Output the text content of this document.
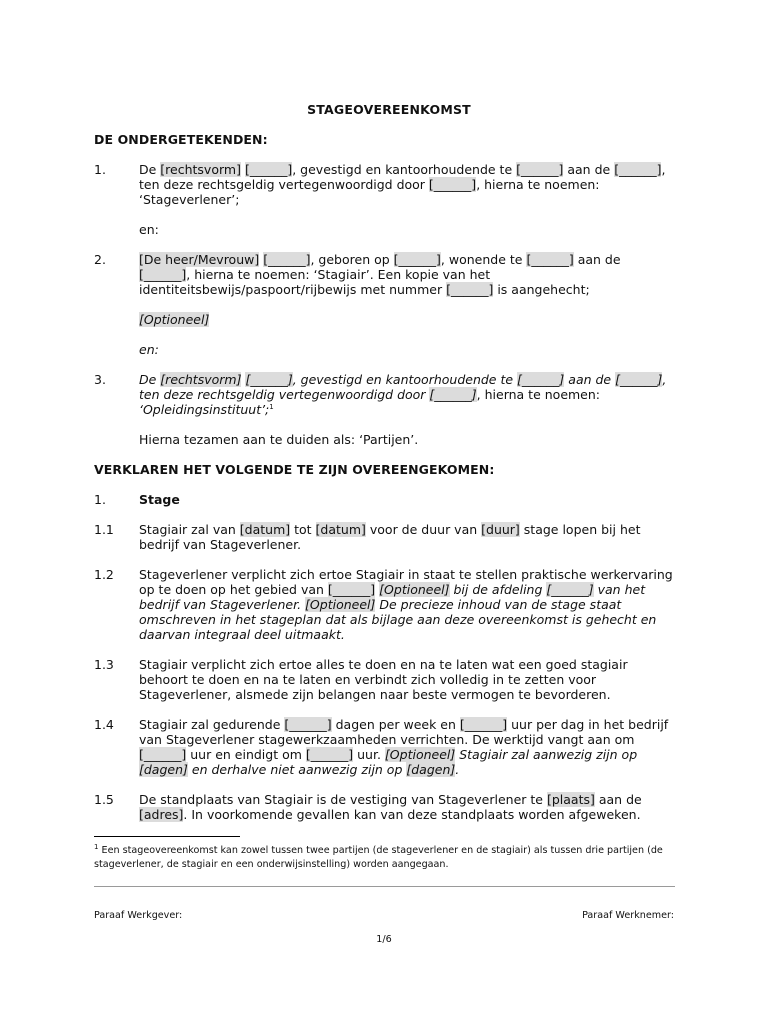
STAGEOVEREENKOMST
DE ONDERGETEKENDEN:
1.	De [rechtsvorm] [______], gevestigd en kantoorhoudende te [______] aan de [______], ten deze rechtsgeldig vertegenwoordigd door [______], hierna te noemen: ‘Stageverlener’;
en:
2.	[De heer/Mevrouw] [______], geboren op [______], wonende te [______] aan de [______], hierna te noemen: ‘Stagiair’. Een kopie van het identiteitsbewijs/paspoort/rijbewijs met nummer [______] is aangehecht;
[Optioneel]
en:
3.	De [rechtsvorm] [______], gevestigd en kantoorhoudende te [______] aan de [______], ten deze rechtsgeldig vertegenwoordigd door [______], hierna te noemen: ‘Opleidingsinstituut’;$^1$
Hierna tezamen aan te duiden als: ‘Partijen’.
VERKLAREN HET VOLGENDE TE ZIJN OVEREENGEKOMEN:
1.	Stage
1.1	Stagiair zal van [datum] tot [datum] voor de duur van [duur] stage lopen bij het bedrijf van Stageverlener.
1.2	Stageverlener verplicht zich ertoe Stagiair in staat te stellen praktische werkervaring op te doen op het gebied van [______] [Optioneel] bij de afdeling [______] van het bedrijf van Stageverlener. [Optioneel] De precieze inhoud van de stage staat omschreven in het stageplan dat als bijlage aan deze overeenkomst is gehecht en daarvan integraal deel uitmaakt.
1.3	Stagiair verplicht zich ertoe alles te doen en na te laten wat een goed stagiair behoort te doen en na te laten en verbindt zich volledig in te zetten voor Stageverlener, alsmede zijn belangen naar beste vermogen te bevorderen.
1.4	Stagiair zal gedurende [______] dagen per week en [______] uur per dag in het bedrijf van Stageverlener stagewerkzaamheden verrichten. De werktijd vangt aan om [______] uur en eindigt om [______] uur. [Optioneel] Stagiair zal aanwezig zijn op [dagen] en derhalve niet aanwezig zijn op [dagen].
1.5	De standplaats van Stagiair is de vestiging van Stageverlener te [plaats] aan de [adres]. In voorkomende gevallen kan van deze standplaats worden afgeweken.
$^1$ Een stageovereenkomst kan zowel tussen twee partijen (de stageverlener en de stagiair) als tussen drie partijen (de stageverlener, de stagiair en een onderwijsinstelling) worden aangegaan.
Paraaf Werkgever:	Paraaf Werknemer:
1/6
